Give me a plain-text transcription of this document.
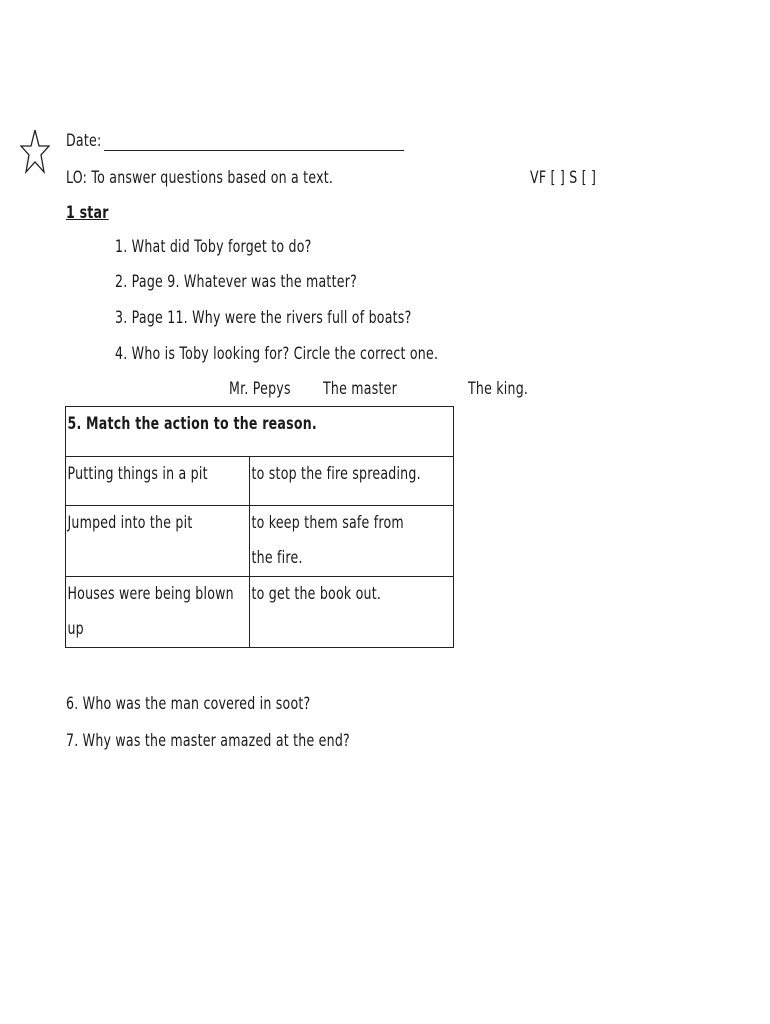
Date:
LO: To answer questions based on a text.	VF [ ] S [ ]
1 star
1. What did Toby forget to do?
2. Page 9. Whatever was the matter?
3. Page 11. Why were the rivers full of boats?
4. Who is Toby looking for? Circle the correct one.
Mr. Pepys The master	The king.
5. Match the action to the reason.	

Putting things in a pit	to stop the fire spreading.

Jumped into the pit	to keep them safe from the fire.

Houses were being blown up	to get the book out.
6. Who was the man covered in soot?
7. Why was the master amazed at the end?
